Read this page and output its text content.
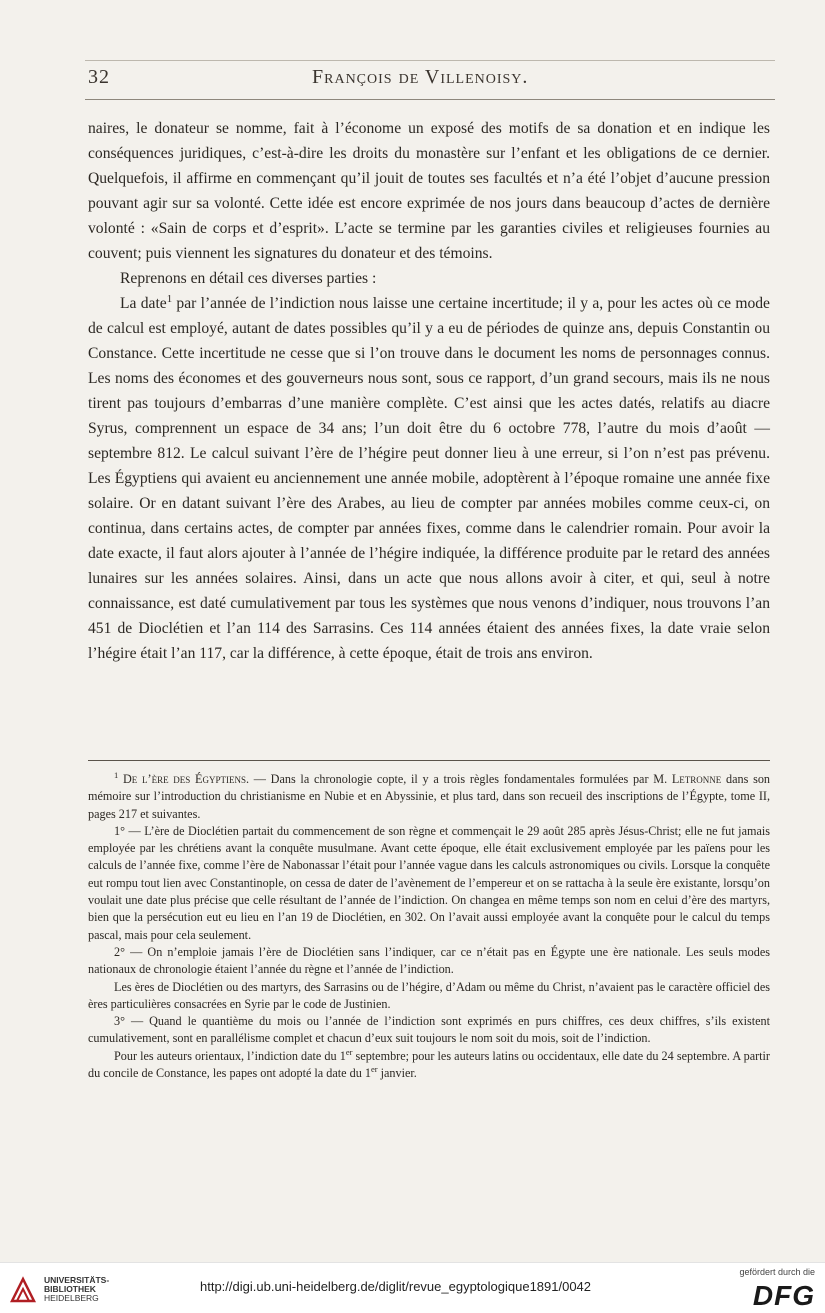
32	François de Villenoisy.

naires, le donateur se nomme, fait à l’économe un exposé des motifs de sa donation et en indique les conséquences juridiques, c’est-à-dire les droits du monastère sur l’enfant et les obligations de ce dernier. Quelquefois, il affirme en commençant qu’il jouit de toutes ses facultés et n’a été l’objet d’aucune pression pouvant agir sur sa volonté. Cette idée est encore exprimée de nos jours dans beaucoup d’actes de dernière volonté : «Sain de corps et d’esprit». L’acte se termine par les garanties civiles et religieuses fournies au couvent; puis viennent les signatures du donateur et des témoins.

Reprenons en détail ces diverses parties :

La date$^1$ par l’année de l’indiction nous laisse une certaine incertitude; il y a, pour les actes où ce mode de calcul est employé, autant de dates possibles qu’il y a eu de périodes de quinze ans, depuis Constantin ou Constance. Cette incertitude ne cesse que si l’on trouve dans le document les noms de personnages connus. Les noms des économes et des gouverneurs nous sont, sous ce rapport, d’un grand secours, mais ils ne nous tirent pas toujours d’embarras d’une manière complète. C’est ainsi que les actes datés, relatifs au diacre Syrus, comprennent un espace de 34 ans; l’un doit être du 6 octobre 778, l’autre du mois d’août — septembre 812. Le calcul suivant l’ère de l’hégire peut donner lieu à une erreur, si l’on n’est pas prévenu. Les Égyptiens qui avaient eu anciennement une année mobile, adoptèrent à l’époque romaine une année fixe solaire. Or en datant suivant l’ère des Arabes, au lieu de compter par années mobiles comme ceux-ci, on continua, dans certains actes, de compter par années fixes, comme dans le calendrier romain. Pour avoir la date exacte, il faut alors ajouter à l’année de l’hégire indiquée, la différence produite par le retard des années lunaires sur les années solaires. Ainsi, dans un acte que nous allons avoir à citer, et qui, seul à notre connaissance, est daté cumulativement par tous les systèmes que nous venons d’indiquer, nous trouvons l’an 451 de Dioclétien et l’an 114 des Sarrasins. Ces 114 années étaient des années fixes, la date vraie selon l’hégire était l’an 117, car la différence, à cette époque, était de trois ans environ.

$^1$ De l’ère des Égyptiens. — Dans la chronologie copte, il y a trois règles fondamentales formulées par M. Letronne dans son mémoire sur l’introduction du christianisme en Nubie et en Abyssinie, et plus tard, dans son recueil des inscriptions de l’Égypte, tome II, pages 217 et suivantes.

1° — L’ère de Dioclétien partait du commencement de son règne et commençait le 29 août 285 après Jésus-Christ; elle ne fut jamais employée par les chrétiens avant la conquête musulmane. Avant cette époque, elle était exclusivement employée par les païens pour les calculs de l’année fixe, comme l’ère de Nabonassar l’était pour l’année vague dans les calculs astronomiques ou civils. Lorsque la conquête eut rompu tout lien avec Constantinople, on cessa de dater de l’avènement de l’empereur et on se rattacha à la seule ère existante, lorsqu’on voulait une date plus précise que celle résultant de l’année de l’indiction. On changea en même temps son nom en celui d’ère des martyrs, bien que la persécution eut eu lieu en l’an 19 de Dioclétien, en 302. On l’avait aussi employée avant la conquête pour le calcul du temps pascal, mais pour cela seulement.

2° — On n’emploie jamais l’ère de Dioclétien sans l’indiquer, car ce n’était pas en Égypte une ère nationale. Les seuls modes nationaux de chronologie étaient l’année du règne et l’année de l’indiction.

Les ères de Dioclétien ou des martyrs, des Sarrasins ou de l’hégire, d’Adam ou même du Christ, n’avaient pas le caractère officiel des ères particulières consacrées en Syrie par le code de Justinien.

3° — Quand le quantième du mois ou l’année de l’indiction sont exprimés en purs chiffres, ces deux chiffres, s’ils existent cumulativement, sont en parallélisme complet et chacun d’eux suit toujours le nom soit du mois, soit de l’indiction.

Pour les auteurs orientaux, l’indiction date du 1er septembre; pour les auteurs latins ou occidentaux, elle date du 24 septembre. A partir du concile de Constance, les papes ont adopté la date du 1er janvier.

UNIVERSITÄTS-
BIBLIOTHEK
HEIDELBERG
http://digi.ub.uni-heidelberg.de/diglit/revue_egyptologique1891/0042
gefördert durch die
DFG
